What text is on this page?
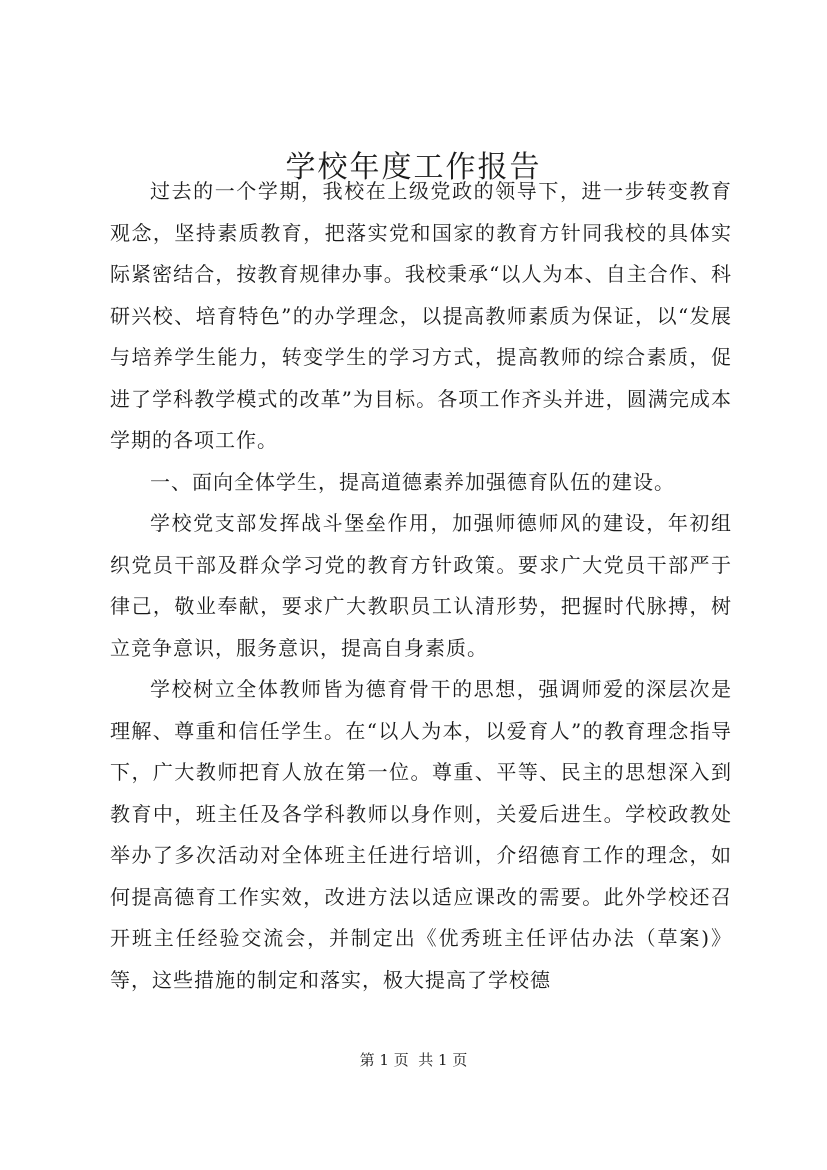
学校年度工作报告

过去的一个学期，我校在上级党政的领导下，进一步转变教育观念，坚持素质教育，把落实党和国家的教育方针同我校的具体实际紧密结合，按教育规律办事。我校秉承“以人为本、自主合作、科研兴校、培育特色”的办学理念，以提高教师素质为保证，以“发展与培养学生能力，转变学生的学习方式，提高教师的综合素质，促进了学科教学模式的改革”为目标。各项工作齐头并进，圆满完成本学期的各项工作。

一、面向全体学生，提高道德素养加强德育队伍的建设。

学校党支部发挥战斗堡垒作用，加强师德师风的建设，年初组织党员干部及群众学习党的教育方针政策。要求广大党员干部严于律己，敬业奉献，要求广大教职员工认清形势，把握时代脉搏，树立竞争意识，服务意识，提高自身素质。

学校树立全体教师皆为德育骨干的思想，强调师爱的深层次是理解、尊重和信任学生。在“以人为本，以爱育人”的教育理念指导下，广大教师把育人放在第一位。尊重、平等、民主的思想深入到教育中，班主任及各学科教师以身作则，关爱后进生。学校政教处举办了多次活动对全体班主任进行培训，介绍德育工作的理念，如何提高德育工作实效，改进方法以适应课改的需要。此外学校还召开班主任经验交流会，并制定出《优秀班主任评估办法（草案)》等，这些措施的制定和落实，极大提高了学校德

第 1 页  共 1 页
